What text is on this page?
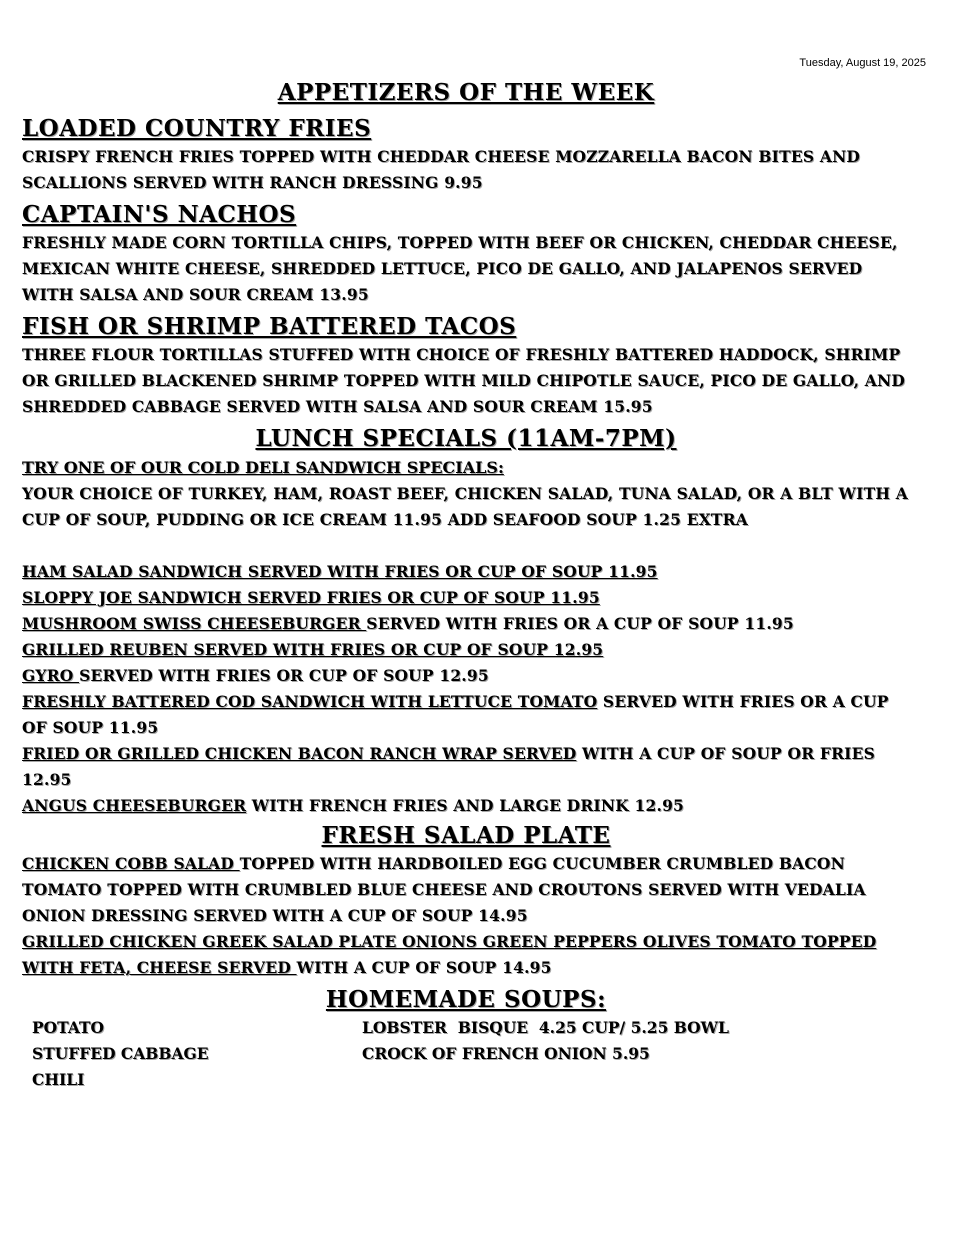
Tuesday, August 19, 2025
APPETIZERS OF THE WEEK
LOADED COUNTRY FRIES

CRISPY FRENCH FRIES TOPPED WITH CHEDDAR CHEESE MOZZARELLA BACON BITES AND SCALLIONS SERVED WITH RANCH DRESSING 9.95

CAPTAIN'S NACHOS

FRESHLY MADE CORN TORTILLA CHIPS, TOPPED WITH BEEF OR CHICKEN, CHEDDAR CHEESE, MEXICAN WHITE CHEESE, SHREDDED LETTUCE, PICO DE GALLO, AND JALAPENOS SERVED WITH SALSA AND SOUR CREAM 13.95

FISH OR SHRIMP BATTERED TACOS

THREE FLOUR TORTILLAS STUFFED WITH CHOICE OF FRESHLY BATTERED HADDOCK, SHRIMP OR GRILLED BLACKENED SHRIMP TOPPED WITH MILD CHIPOTLE SAUCE, PICO DE GALLO, AND SHREDDED CABBAGE SERVED WITH SALSA AND SOUR CREAM 15.95

LUNCH SPECIALS (11AM-7PM)
TRY ONE OF OUR COLD DELI SANDWICH SPECIALS:

YOUR CHOICE OF TURKEY, HAM, ROAST BEEF, CHICKEN SALAD, TUNA SALAD, OR A BLT WITH A CUP OF SOUP, PUDDING OR ICE CREAM 11.95 ADD SEAFOOD SOUP 1.25 EXTRA

HAM SALAD SANDWICH SERVED WITH FRIES OR CUP OF SOUP 11.95

SLOPPY JOE SANDWICH SERVED FRIES OR CUP OF SOUP 11.95

MUSHROOM SWISS CHEESEBURGER SERVED WITH FRIES OR A CUP OF SOUP 11.95

GRILLED REUBEN SERVED WITH FRIES OR CUP OF SOUP 12.95

GYRO SERVED WITH FRIES OR CUP OF SOUP 12.95

FRESHLY BATTERED COD SANDWICH WITH LETTUCE TOMATO SERVED WITH FRIES OR A CUP OF SOUP 11.95

FRIED OR GRILLED CHICKEN BACON RANCH WRAP SERVED WITH A CUP OF SOUP OR FRIES 12.95

ANGUS CHEESEBURGER WITH FRENCH FRIES AND LARGE DRINK 12.95

FRESH SALAD PLATE

CHICKEN COBB SALAD TOPPED WITH HARDBOILED EGG CUCUMBER CRUMBLED BACON TOMATO TOPPED WITH CRUMBLED BLUE CHEESE AND CROUTONS SERVED WITH VEDALIA ONION DRESSING SERVED WITH A CUP OF SOUP 14.95

GRILLED CHICKEN GREEK SALAD PLATE ONIONS GREEN PEPPERS OLIVES TOMATO TOPPED WITH FETA, CHEESE SERVED WITH A CUP OF SOUP 14.95

HOMEMADE SOUPS:
POTATO
STUFFED CABBAGE
CHILI
LOBSTER  BISQUE  4.25 CUP/ 5.25 BOWL
CROCK OF FRENCH ONION 5.95
